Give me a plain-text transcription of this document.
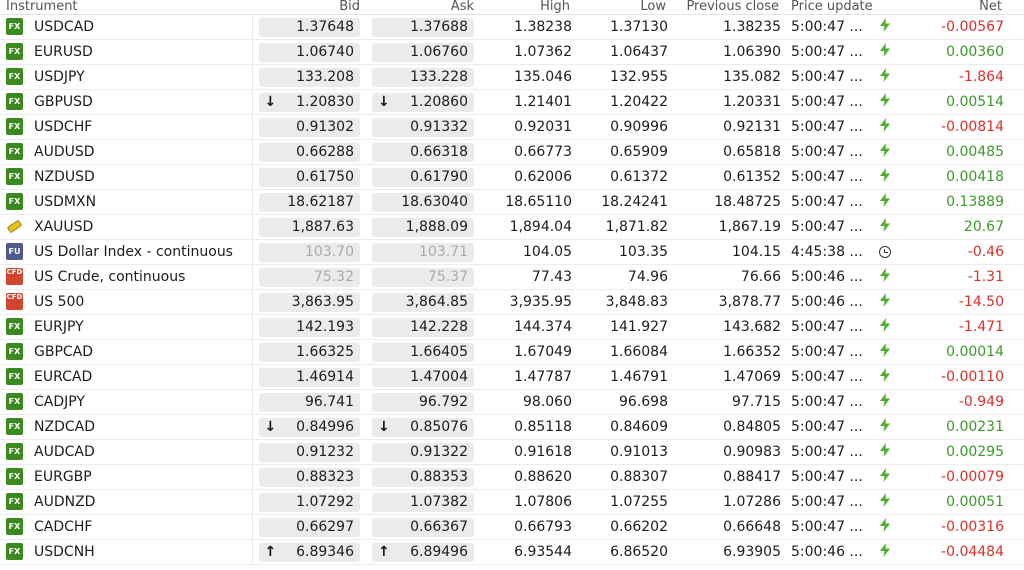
Instrument	Bid	Ask	High	Low	Previous close	Price update	Net	
FX USDCAD	1.37648	1.37688	1.38238	1.37130	1.38235	5:00:47 ...	-0.00567	
FX EURUSD	1.06740	1.06760	1.07362	1.06437	1.06390	5:00:47 ...	0.00360	
FX USDJPY	133.208	133.228	135.046	132.955	135.082	5:00:47 ...	-1.864	
FX GBPUSD	↓ 1.20830	↓ 1.20860	1.21401	1.20422	1.20331	5:00:47 ...	0.00514	
FX USDCHF	0.91302	0.91332	0.92031	0.90996	0.92131	5:00:47 ...	-0.00814	
FX AUDUSD	0.66288	0.66318	0.66773	0.65909	0.65818	5:00:47 ...	0.00485	
FX NZDUSD	0.61750	0.61790	0.62006	0.61372	0.61352	5:00:47 ...	0.00418	
FX USDMXN	18.62187	18.63040	18.65110	18.24241	18.48725	5:00:47 ...	0.13889	
XAUUSD	1,887.63	1,888.09	1,894.04	1,871.82	1,867.19	5:00:47 ...	20.67	
FU US Dollar Index - continuous	103.70	103.71	104.05	103.35	104.15	4:45:38 ...	-0.46	
CFD US Crude, continuous	75.32	75.37	77.43	74.96	76.66	5:00:46 ...	-1.31	
CFD US 500	3,863.95	3,864.85	3,935.95	3,848.83	3,878.77	5:00:46 ...	-14.50	
FX EURJPY	142.193	142.228	144.374	141.927	143.682	5:00:47 ...	-1.471	
FX GBPCAD	1.66325	1.66405	1.67049	1.66084	1.66352	5:00:47 ...	0.00014	
FX EURCAD	1.46914	1.47004	1.47787	1.46791	1.47069	5:00:47 ...	-0.00110	
FX CADJPY	96.741	96.792	98.060	96.698	97.715	5:00:47 ...	-0.949	
FX NZDCAD	↓ 0.84996	↓ 0.85076	0.85118	0.84609	0.84805	5:00:47 ...	0.00231	
FX AUDCAD	0.91232	0.91322	0.91618	0.91013	0.90983	5:00:47 ...	0.00295	
FX EURGBP	0.88323	0.88353	0.88620	0.88307	0.88417	5:00:47 ...	-0.00079	
FX AUDNZD	1.07292	1.07382	1.07806	1.07255	1.07286	5:00:47 ...	0.00051	
FX CADCHF	0.66297	0.66367	0.66793	0.66202	0.66648	5:00:47 ...	-0.00316	
FX USDCNH	↑ 6.89346	↑ 6.89496	6.93544	6.86520	6.93905	5:00:46 ...	-0.04484	
